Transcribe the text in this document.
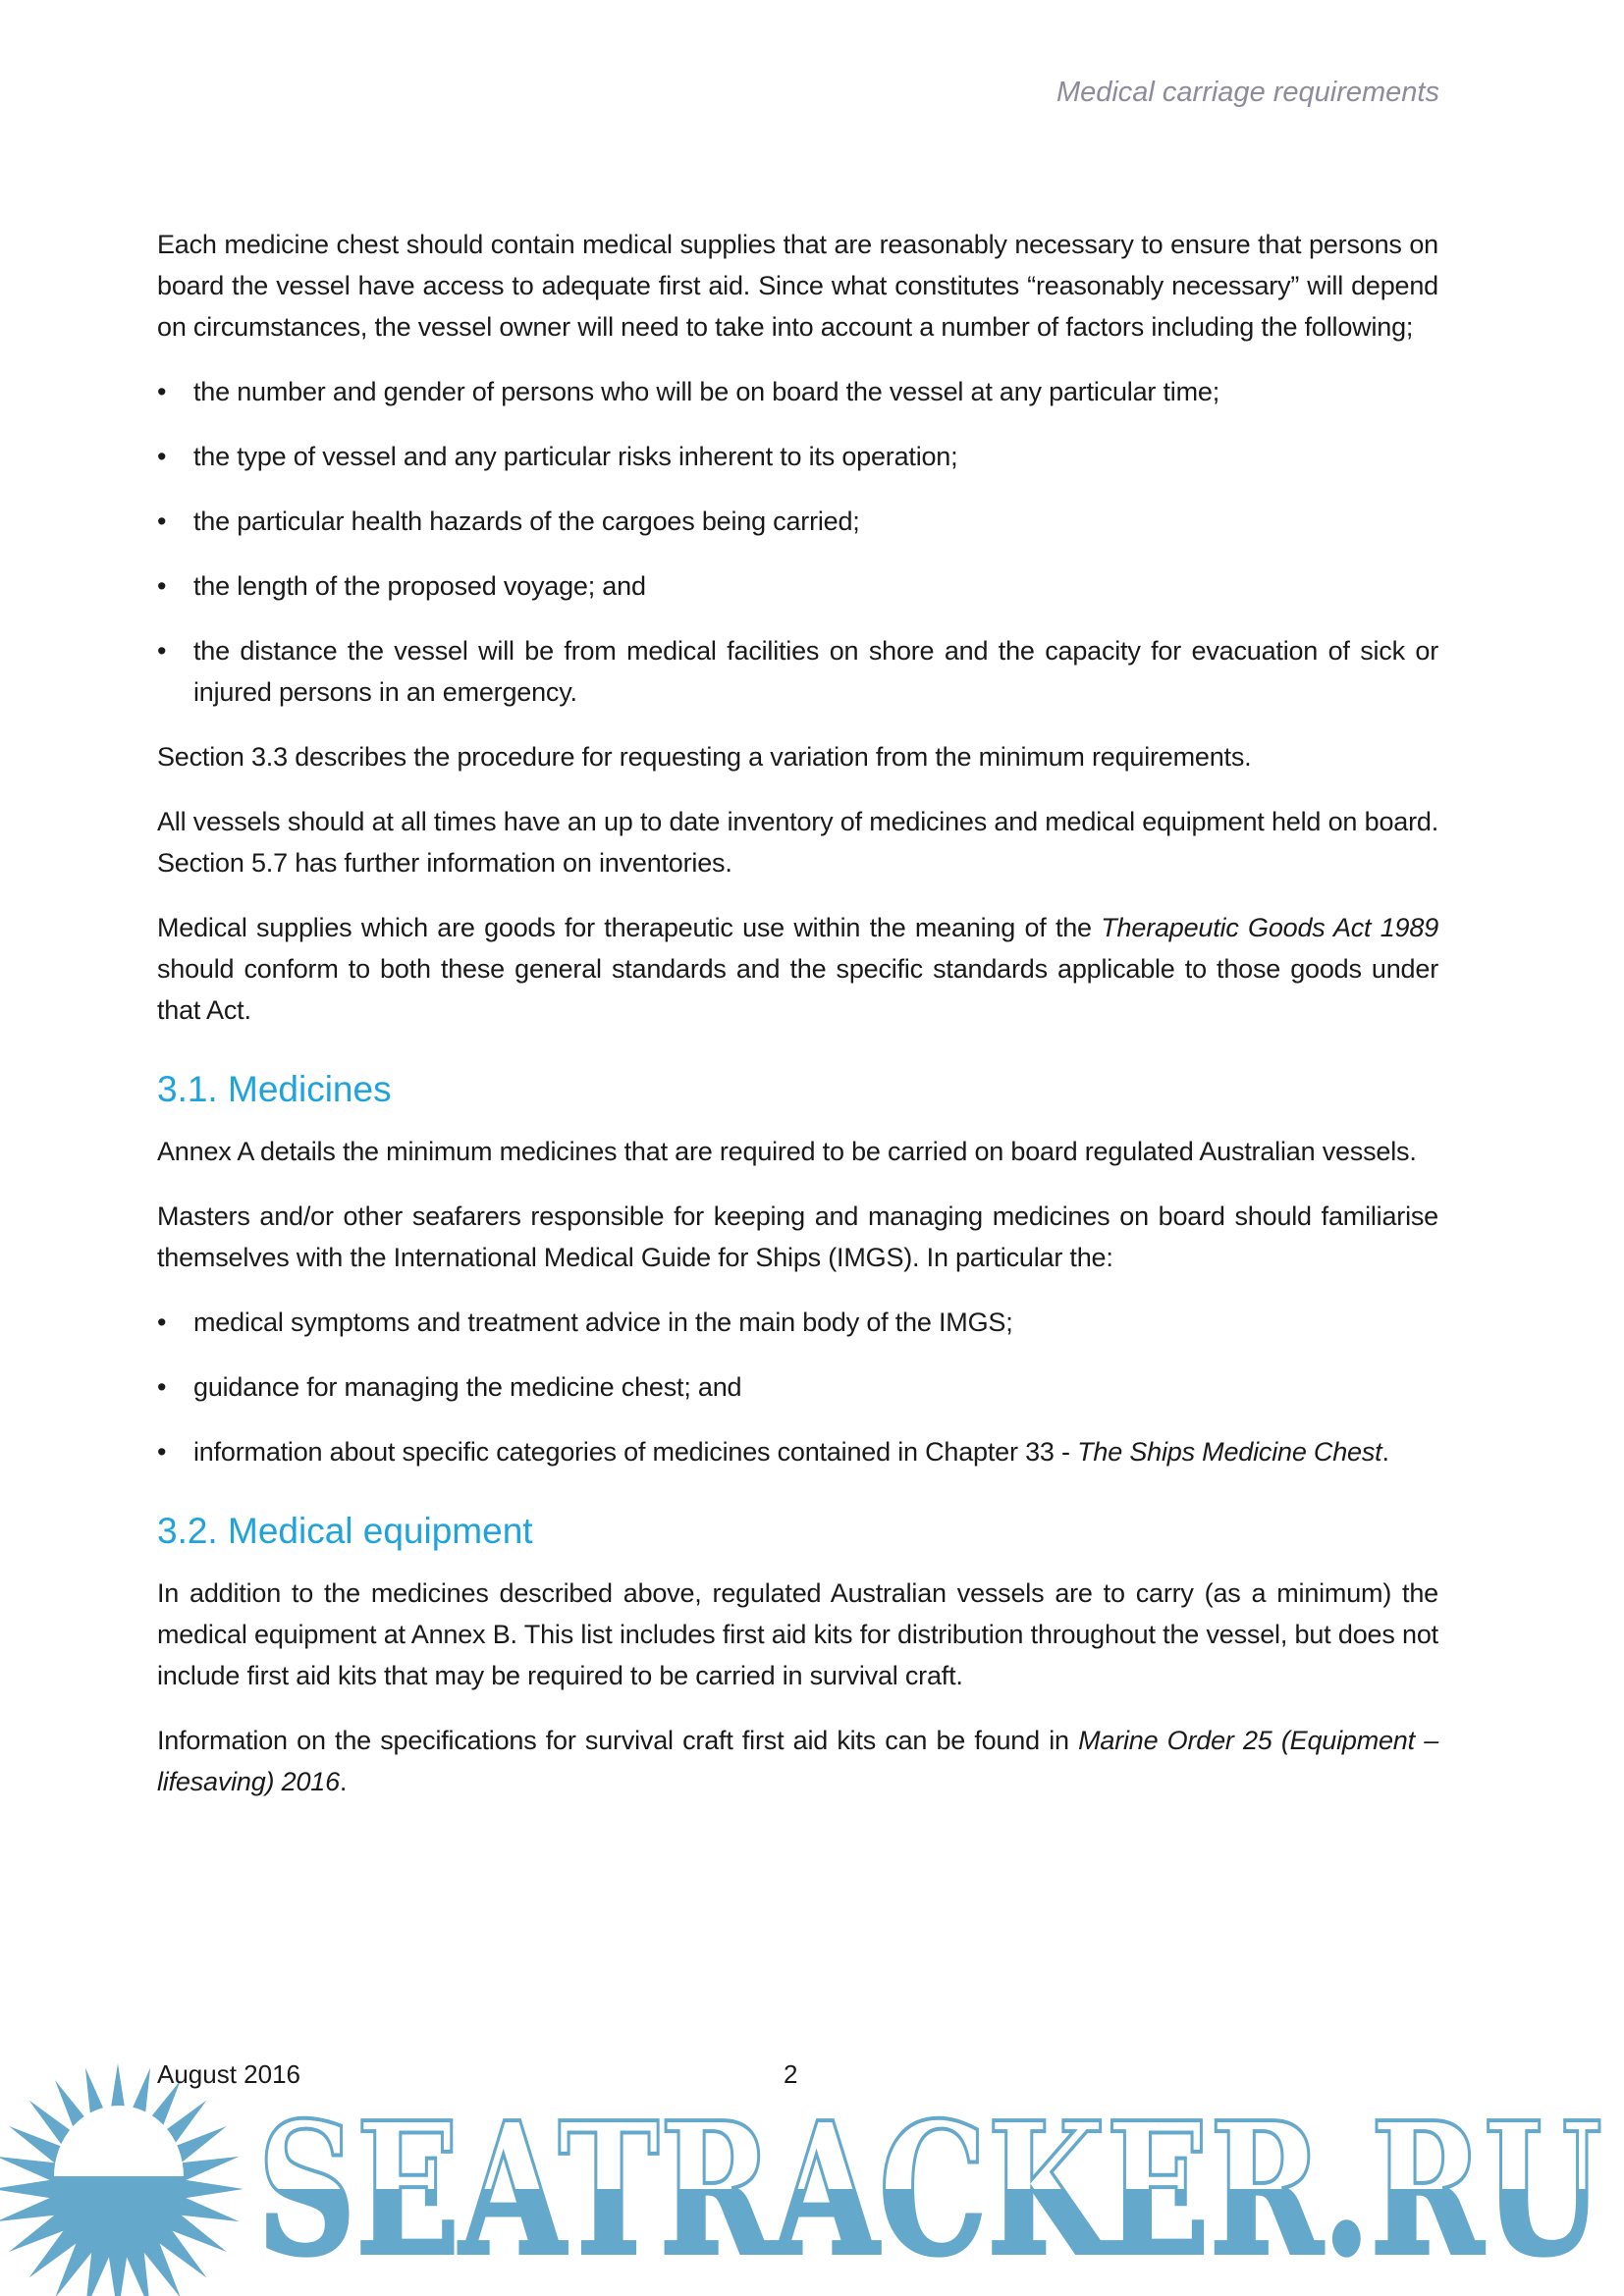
Medical carriage requirements

Each medicine chest should contain medical supplies that are reasonably necessary to ensure that persons on board the vessel have access to adequate first aid. Since what constitutes “reasonably necessary” will depend on circumstances, the vessel owner will need to take into account a number of factors including the following;

• the number and gender of persons who will be on board the vessel at any particular time;
• the type of vessel and any particular risks inherent to its operation;
• the particular health hazards of the cargoes being carried;
• the length of the proposed voyage; and
• the distance the vessel will be from medical facilities on shore and the capacity for evacuation of sick or injured persons in an emergency.

Section 3.3 describes the procedure for requesting a variation from the minimum requirements.

All vessels should at all times have an up to date inventory of medicines and medical equipment held on board. Section 5.7 has further information on inventories.

Medical supplies which are goods for therapeutic use within the meaning of the Therapeutic Goods Act 1989 should conform to both these general standards and the specific standards applicable to those goods under that Act.

3.1. Medicines

Annex A details the minimum medicines that are required to be carried on board regulated Australian vessels.

Masters and/or other seafarers responsible for keeping and managing medicines on board should familiarise themselves with the International Medical Guide for Ships (IMGS). In particular the:

• medical symptoms and treatment advice in the main body of the IMGS;
• guidance for managing the medicine chest; and
• information about specific categories of medicines contained in Chapter 33 - The Ships Medicine Chest.
3.2. Medical equipment

In addition to the medicines described above, regulated Australian vessels are to carry (as a minimum) the medical equipment at Annex B. This list includes first aid kits for distribution throughout the vessel, but does not include first aid kits that may be required to be carried in survival craft.

Information on the specifications for survival craft first aid kits can be found in Marine Order 25 (Equipment – lifesaving) 2016.

SEATRACKER.RU
August 2016	2
